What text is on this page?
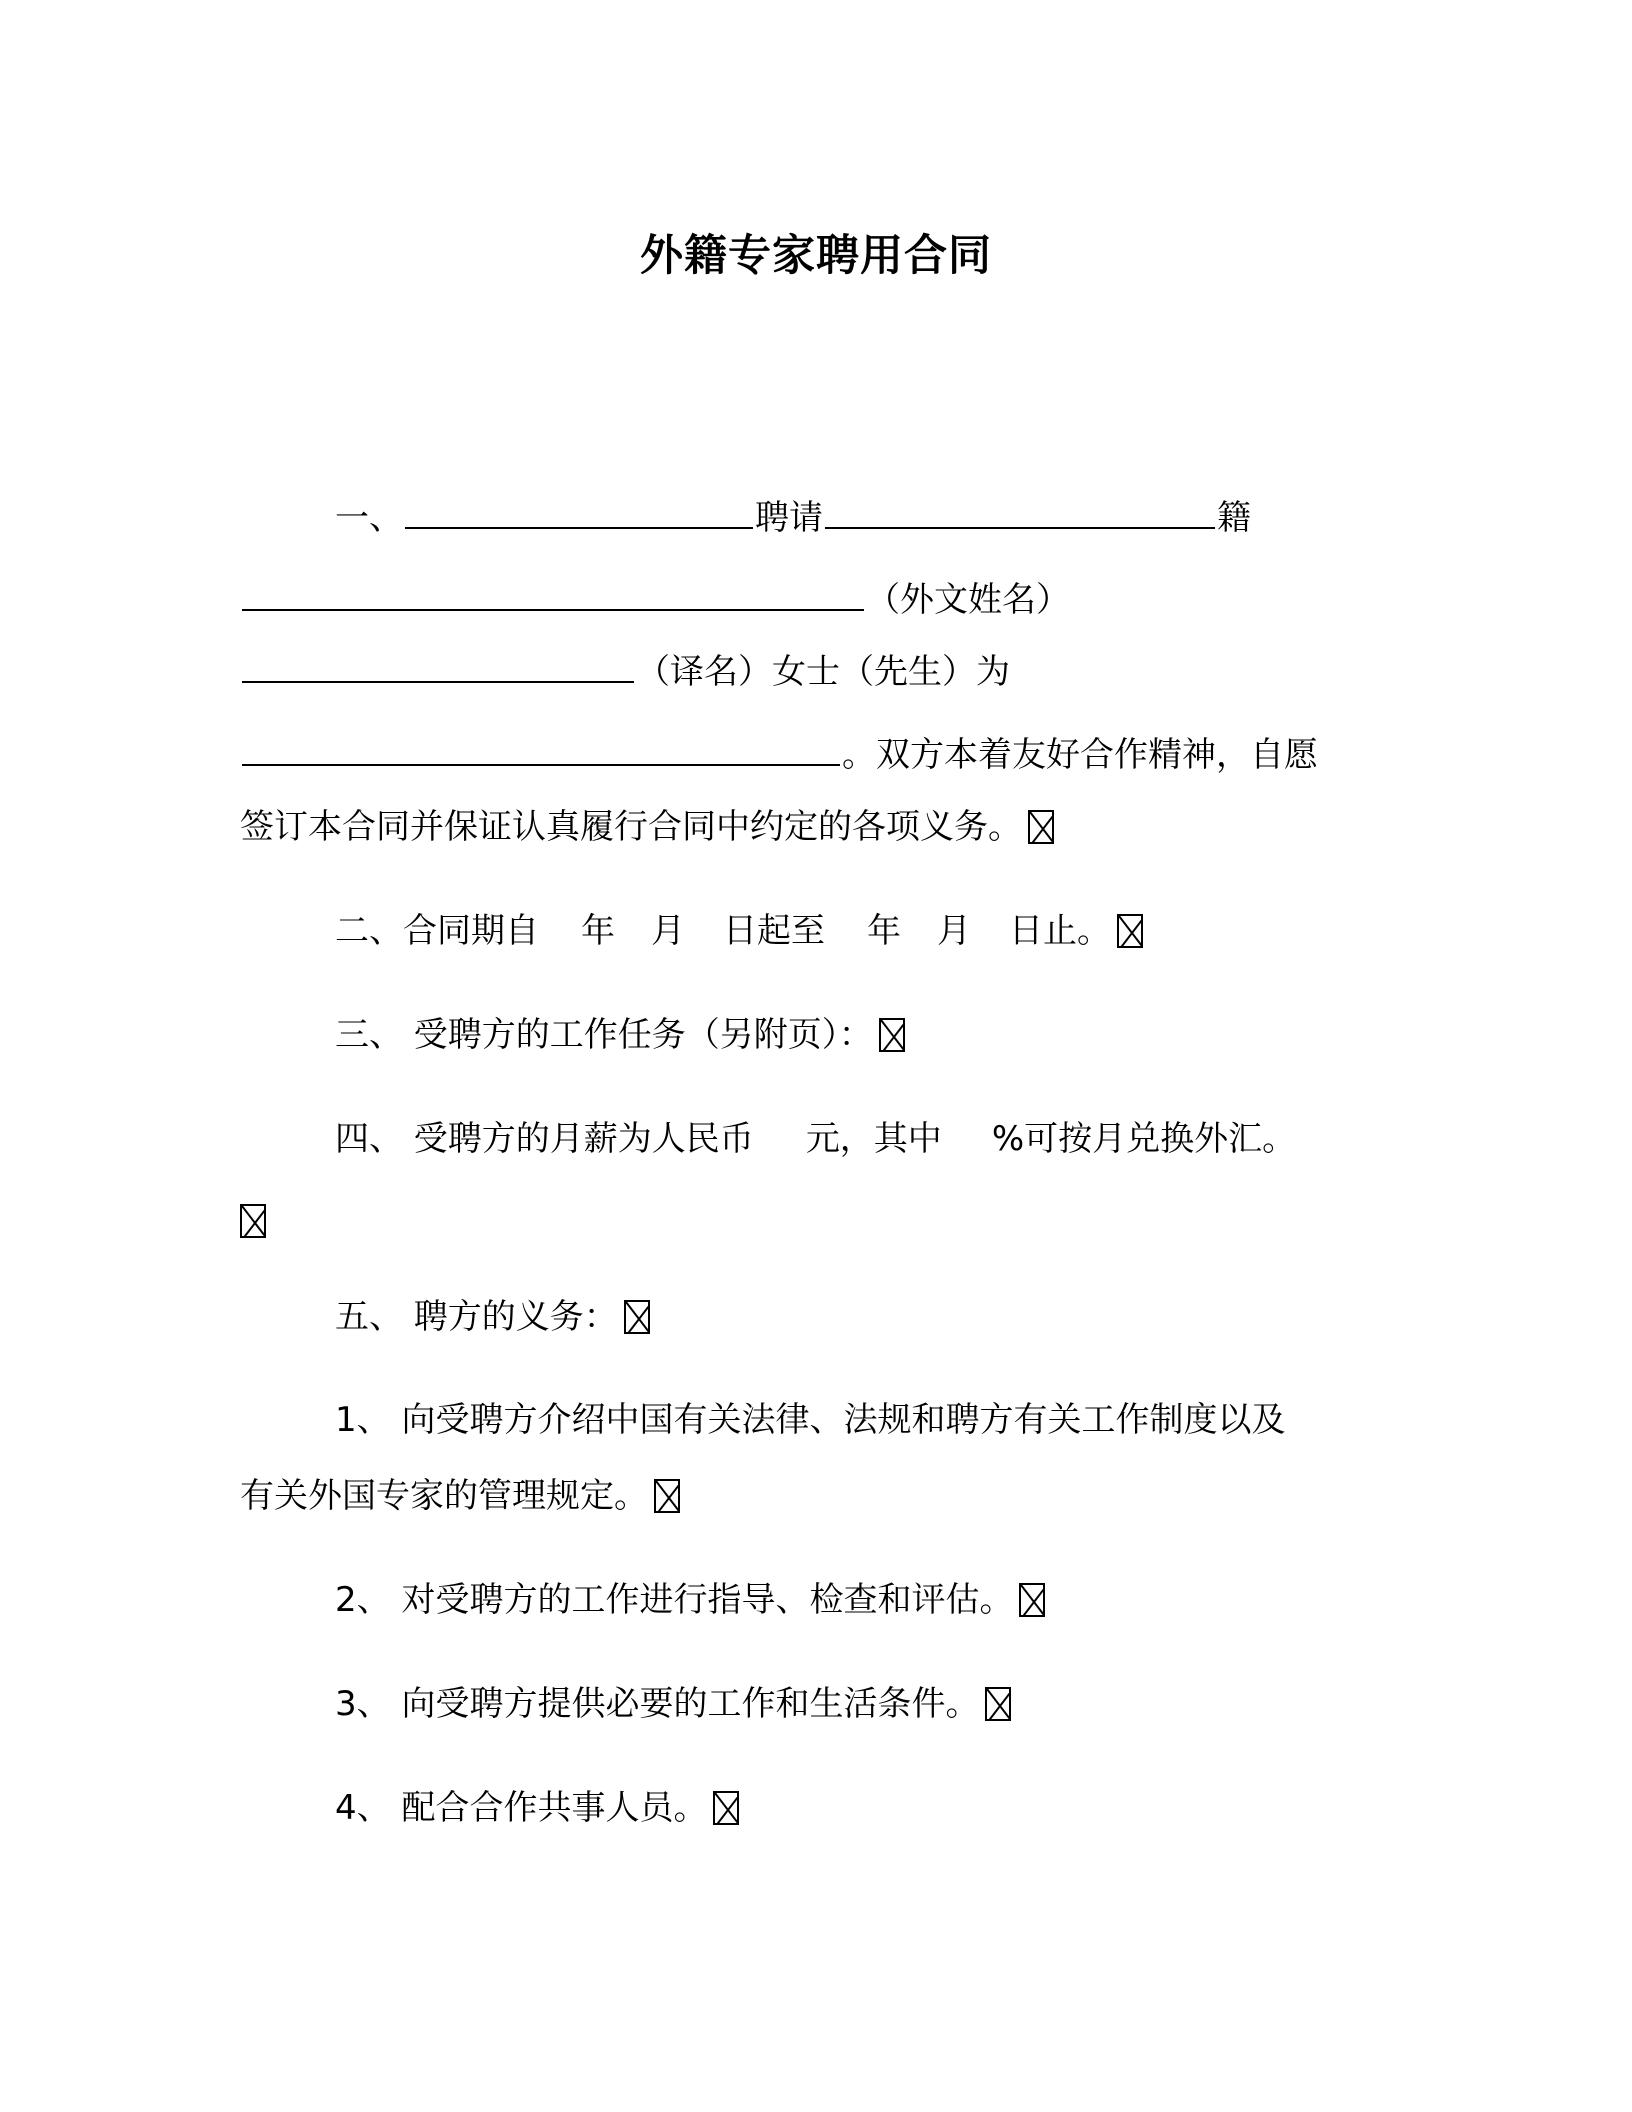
外籍专家聘用合同
一、	聘请	籍
（外文姓名）
（译名）女士（先生）为
。双方本着友好合作精神，自愿
签订本合同并保证认真履行合同中约定的各项义务。
二、合同期自 年 月 日起至 年 月 日止。
三、 受聘方的工作任务（另附页）：
四、 受聘方的月薪为人民币 元，其中 %可按月兑换外汇。
五、 聘方的义务：
1、 向受聘方介绍中国有关法律、法规和聘方有关工作制度以及
有关外国专家的管理规定。
2、 对受聘方的工作进行指导、检查和评估。
3、 向受聘方提供必要的工作和生活条件。
4、 配合合作共事人员。
